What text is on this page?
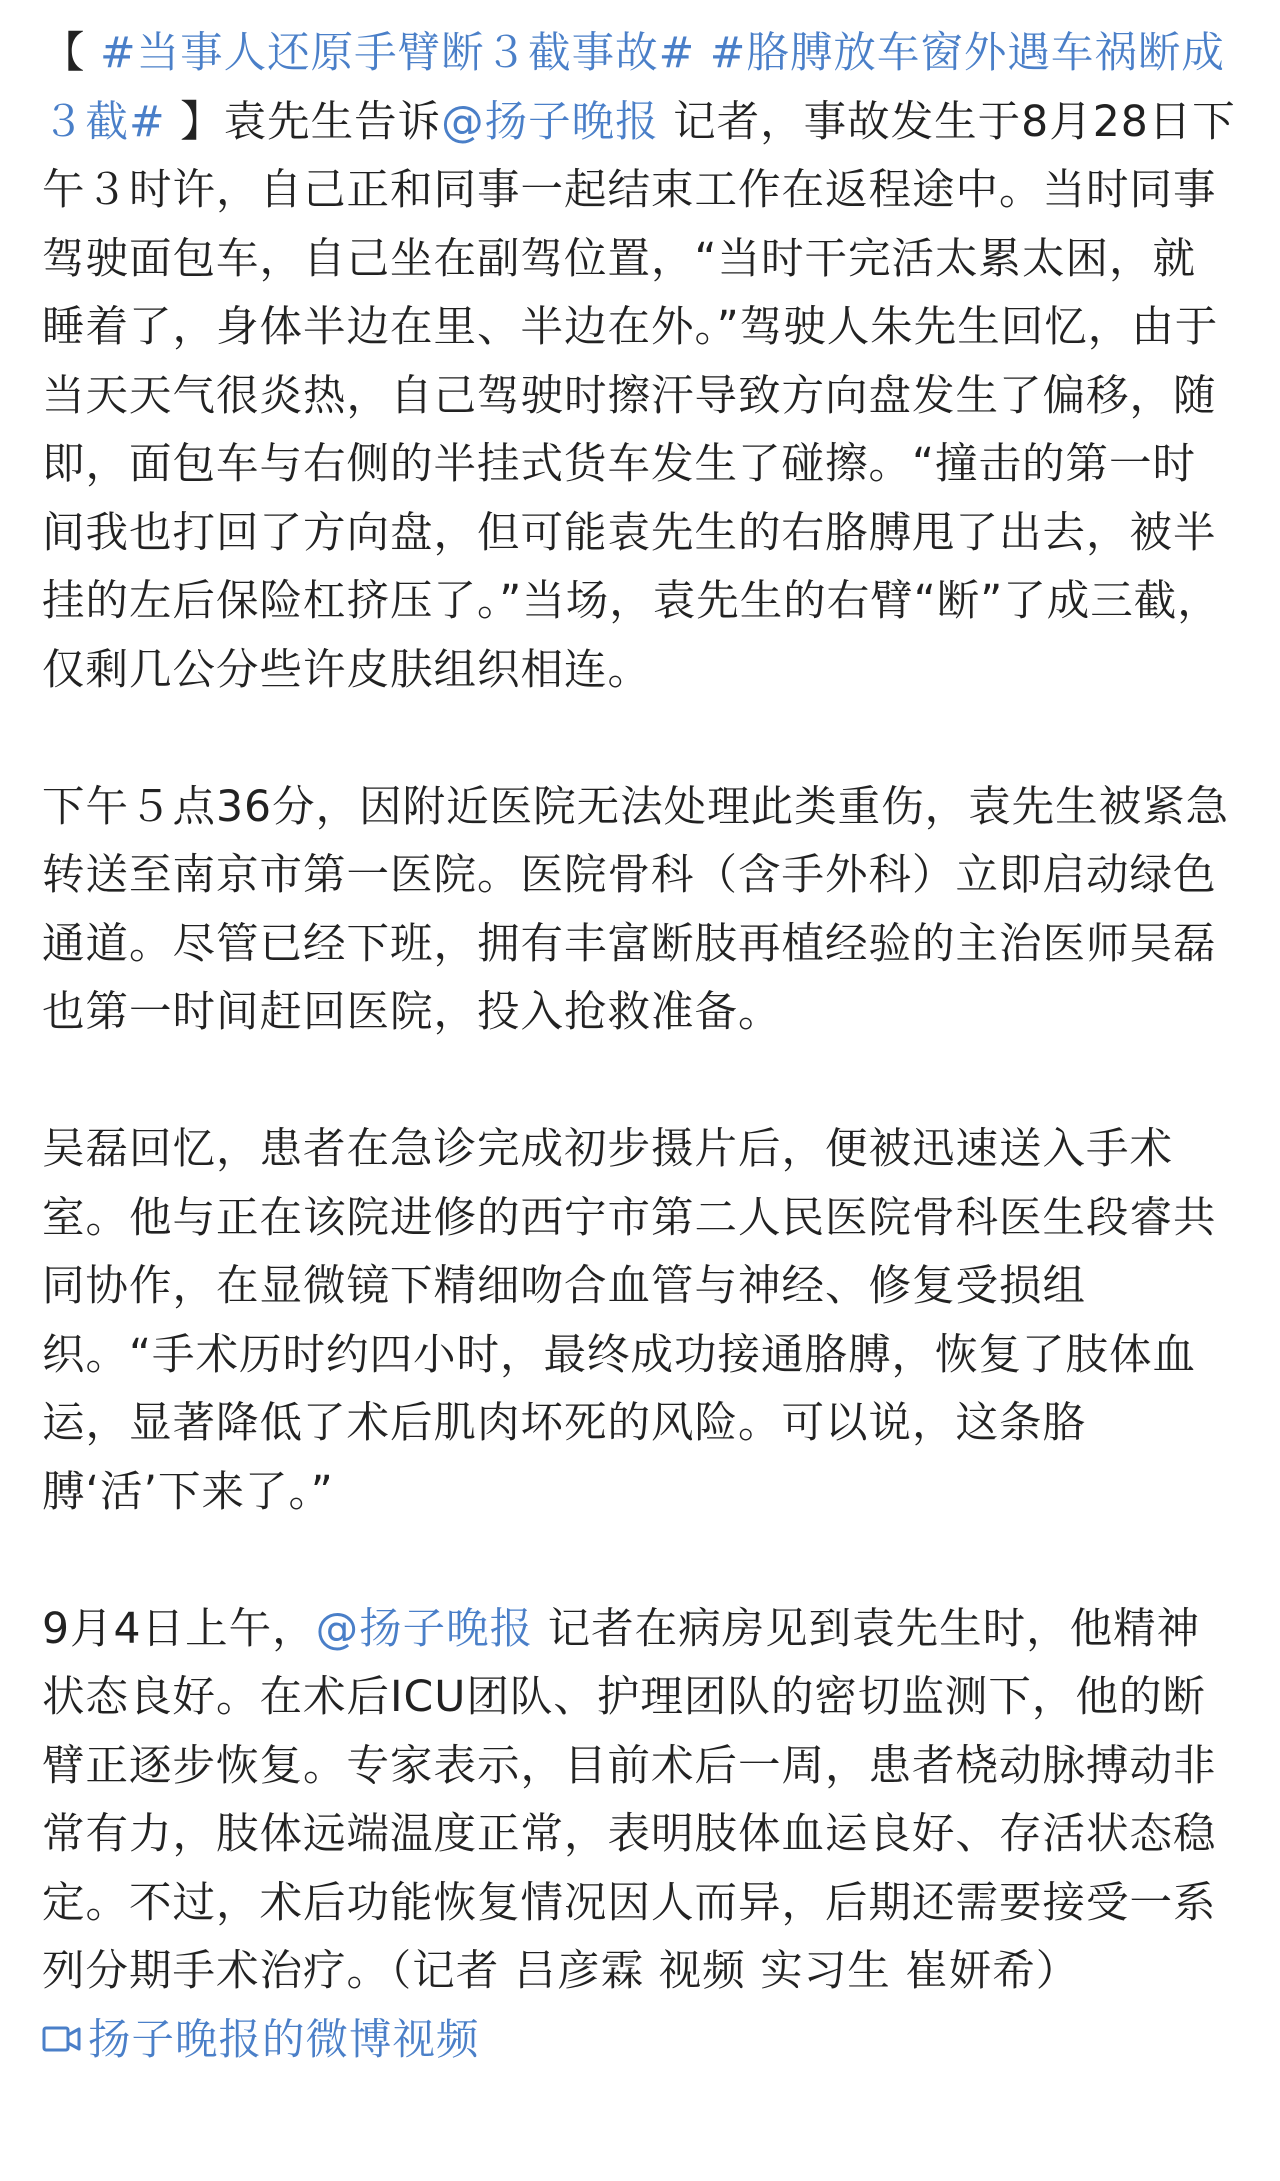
【 #当事人还原手臂断３截事故# #胳膊放车窗外遇车祸断成３截# 】袁先生告诉@扬子晚报 记者，事故发生于8月28日下午３时许，自己正和同事一起结束工作在返程途中。当时同事驾驶面包车，自己坐在副驾位置，“当时干完活太累太困，就睡着了，身体半边在里、半边在外。”驾驶人朱先生回忆，由于当天天气很炎热，自己驾驶时擦汗导致方向盘发生了偏移，随即，面包车与右侧的半挂式货车发生了碰擦。“撞击的第一时间我也打回了方向盘，但可能袁先生的右胳膊甩了出去，被半挂的左后保险杠挤压了。”当场，袁先生的右臂“断”了成三截，仅剩几公分些许皮肤组织相连。

下午５点36分，因附近医院无法处理此类重伤，袁先生被紧急转送至南京市第一医院。医院骨科（含手外科）立即启动绿色通道。尽管已经下班，拥有丰富断肢再植经验的主治医师吴磊也第一时间赶回医院，投入抢救准备。

吴磊回忆，患者在急诊完成初步摄片后，便被迅速送入手术室。他与正在该院进修的西宁市第二人民医院骨科医生段睿共同协作，在显微镜下精细吻合血管与神经、修复受损组织。“手术历时约四小时，最终成功接通胳膊，恢复了肢体血运，显著降低了术后肌肉坏死的风险。可以说，这条胳膊‘活’下来了。”

9月4日上午，@扬子晚报 记者在病房见到袁先生时，他精神状态良好。在术后ICU团队、护理团队的密切监测下，他的断臂正逐步恢复。专家表示，目前术后一周，患者桡动脉搏动非常有力，肢体远端温度正常，表明肢体血运良好、存活状态稳定。不过，术后功能恢复情况因人而异，后期还需要接受一系列分期手术治疗。（记者 吕彦霖 视频 实习生 崔妍希）扬子晚报的微博视频
